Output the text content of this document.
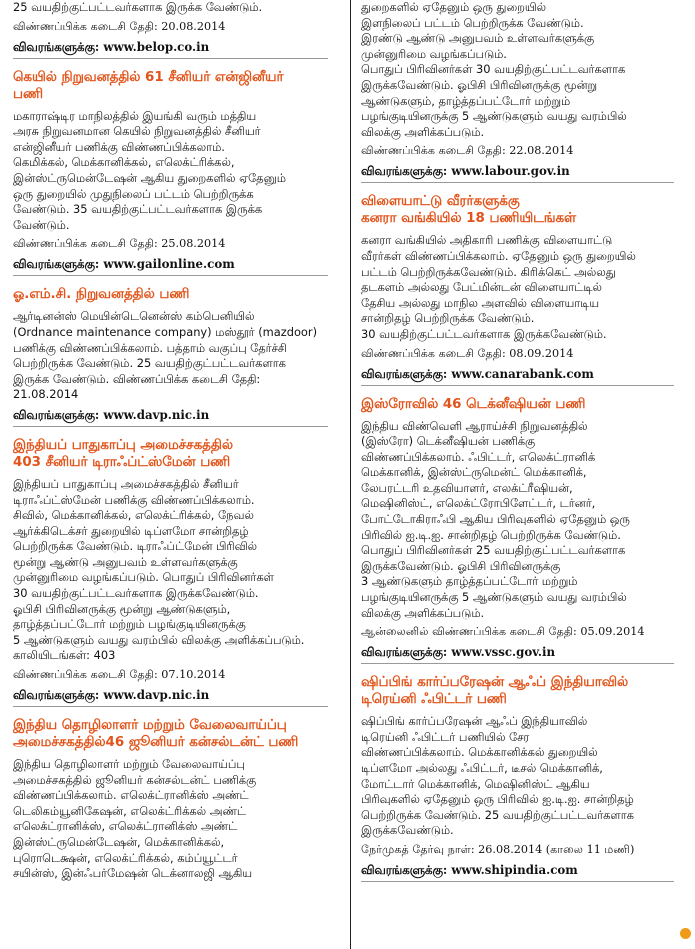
25 வயதிற்குட்பட்டவர்களாக இருக்க வேண்டும்.
விண்ணப்பிக்க கடைசி தேதி: 20.08.2014
விவரங்களுக்கு: www.belop.co.in
கெயில் நிறுவனத்தில் 61 சீனியர் என்ஜினீயர்
பணி
மகாராஷ்டிர மாநிலத்தில் இயங்கி வரும் மத்திய
அரசு நிறுவனமான கெயில் நிறுவனத்தில் சீனியர்
என்ஜினீயர் பணிக்கு விண்ணப்பிக்கலாம்.
கெமிக்கல், மெக்கானிக்கல், எலெக்ட்ரிக்கல்,
இன்ஸ்ட்ருமென்டேஷன் ஆகிய துறைகளில் ஏதேனும்
ஒரு துறையில் முதுநிலைப் பட்டம் பெற்றிருக்க
வேண்டும். 35 வயதிற்குட்பட்டவர்களாக இருக்க
வேண்டும்.
விண்ணப்பிக்க கடைசி தேதி: 25.08.2014
விவரங்களுக்கு: www.gailonline.com
ஓ.எம்.சி. நிறுவனத்தில் பணி
ஆர்டினன்ஸ் மெயின்டெனென்ஸ் கம்பெனியில்
(Ordnance maintenance company) மஸ்தூர் (mazdoor)
பணிக்கு விண்ணப்பிக்கலாம். பத்தாம் வகுப்பு தேர்ச்சி
பெற்றிருக்க வேண்டும். 25 வயதிற்குட்பட்டவர்களாக
இருக்க வேண்டும். விண்ணப்பிக்க கடைசி தேதி:
21.08.2014
விவரங்களுக்கு: www.davp.nic.in
இந்தியப் பாதுகாப்பு அமைச்சகத்தில்
403 சீனியர் டிராஃப்ட்ஸ்மேன் பணி
இந்தியப் பாதுகாப்பு அமைச்சகத்தில் சீனியர்
டிராஃப்ட்ஸ்மேன் பணிக்கு விண்ணப்பிக்கலாம்.
சிவில், மெக்கானிக்கல், எலெக்ட்ரிக்கல், நேவல்
ஆர்க்கிடெக்சர் துறையில் டிப்ளமோ சான்றிதழ்
பெற்றிருக்க வேண்டும். டிராஃப்ட்மேன் பிரிவில்
மூன்று ஆண்டு அனுபவம் உள்ளவர்களுக்கு
முன்னுரிமை வழங்கப்படும். பொதுப் பிரிவினர்கள்
30 வயதிற்குட்பட்டவர்களாக இருக்கவேண்டும்.
ஓபிசி பிரிவினருக்கு மூன்று ஆண்டுகளும்,
தாழ்த்தப்பட்டோர் மற்றும் பழங்குடியினருக்கு
5 ஆண்டுகளும் வயது வரம்பில் விலக்கு அளிக்கப்படும்.
காலியிடங்கள்: 403
விண்ணப்பிக்க கடைசி தேதி: 07.10.2014
விவரங்களுக்கு: www.davp.nic.in
இந்திய தொழிலாளர் மற்றும் வேலைவாய்ப்பு
அமைச்சகத்தில்46 ஜூனியர் கன்சல்டன்ட் பணி
இந்திய தொழிலாளர் மற்றும் வேலைவாய்ப்பு
அமைச்சகத்தில் ஜூனியர் கன்சல்டன்ட் பணிக்கு
விண்ணப்பிக்கலாம். எலெக்ட்ரானிக்ஸ் அண்ட்
டெலிகம்யூனிகேஷன், எலெக்ட்ரிக்கல் அண்ட்
எலெக்ட்ரானிக்ஸ், எலெக்ட்ரானிக்ஸ் அண்ட்
இன்ஸ்ட்ருமென்டேஷன், மெக்கானிக்கல்,
புரொடெக்ஷன், எலெக்ட்ரிக்கல், கம்ப்யூட்டர்
சயின்ஸ், இன்ஃபர்மேஷன் டெக்னாலஜி ஆகிய
துறைகளில் ஏதேனும் ஒரு துறையில்
இளநிலைப் பட்டம் பெற்றிருக்க வேண்டும்.
இரண்டு ஆண்டு அனுபவம் உள்ளவர்களுக்கு
முன்னுரிமை வழங்கப்படும்.
பொதுப் பிரிவினர்கள் 30 வயதிற்குட்பட்டவர்களாக
இருக்கவேண்டும். ஓபிசி பிரிவினருக்கு மூன்று
ஆண்டுகளும், தாழ்த்தப்பட்டோர் மற்றும்
பழங்குடியினருக்கு 5 ஆண்டுகளும் வயது வரம்பில்
விலக்கு அளிக்கப்படும்.
விண்ணப்பிக்க கடைசி தேதி: 22.08.2014
விவரங்களுக்கு: www.labour.gov.in
விளையாட்டு வீரர்களுக்கு
கனரா வங்கியில் 18 பணியிடங்கள்
கனரா வங்கியில் அதிகாரி பணிக்கு விளையாட்டு
வீரர்கள் விண்ணப்பிக்கலாம். ஏதேனும் ஒரு துறையில்
பட்டம் பெற்றிருக்கவேண்டும். கிரிக்கெட் அல்லது
தடகளம் அல்லது பேட்மின்டன் விளையாட்டில்
தேசிய அல்லது மாநில அளவில் விளையாடிய
சான்றிதழ் பெற்றிருக்க வேண்டும்.
30 வயதிற்குட்பட்டவர்களாக இருக்கவேண்டும்.
விண்ணப்பிக்க கடைசி தேதி: 08.09.2014
விவரங்களுக்கு: www.canarabank.com
இஸ்ரோவில் 46 டெக்னீஷியன் பணி
இந்திய விண்வெளி ஆராய்ச்சி நிறுவனத்தில்
(இஸ்ரோ) டெக்னீஷியன் பணிக்கு
விண்ணப்பிக்கலாம். ஃபிட்டர், எலெக்ட்ரானிக்
மெக்கானிக், இன்ஸ்ட்ருமென்ட் மெக்கானிக்,
லேபரட்டரி உதவியாளர், எலக்ட்ரீஷியன்,
மெஷினிஸ்ட், எலெக்ட்ரோபிளேட்டர், டர்னர்,
போட்டோகிராஃபி ஆகிய பிரிவுகளில் ஏதேனும் ஒரு
பிரிவில் ஐ.டி.ஐ. சான்றிதழ் பெற்றிருக்க வேண்டும்.
பொதுப் பிரிவினர்கள் 25 வயதிற்குட்பட்டவர்களாக
இருக்கவேண்டும். ஓபிசி பிரிவினருக்கு
3 ஆண்டுகளும் தாழ்த்தப்பட்டோர் மற்றும்
பழங்குடியினருக்கு 5 ஆண்டுகளும் வயது வரம்பில்
விலக்கு அளிக்கப்படும்.
ஆன்லைனில் விண்ணப்பிக்க கடைசி தேதி: 05.09.2014
விவரங்களுக்கு: www.vssc.gov.in
ஷிப்பிங் கார்ப்பரேஷன் ஆஃப் இந்தியாவில்
டிரெய்னி ஃபிட்டர் பணி
ஷிப்பிங் கார்ப்பரேஷன் ஆஃப் இந்தியாவில்
டிரெய்னி ஃபிட்டர் பணியில் சேர
விண்ணப்பிக்கலாம். மெக்கானிக்கல் துறையில்
டிப்ளமோ அல்லது ஃபிட்டர், டீசல் மெக்கானிக்,
மோட்டார் மெக்கானிக், மெஷினிஸ்ட் ஆகிய
பிரிவுகளில் ஏதேனும் ஒரு பிரிவில் ஐ.டி.ஐ. சான்றிதழ்
பெற்றிருக்க வேண்டும். 25 வயதிற்குட்பட்டவர்களாக
இருக்கவேண்டும்.
நேர்முகத் தேர்வு நாள்: 26.08.2014 (காலை 11 மணி)
விவரங்களுக்கு: www.shipindia.com
